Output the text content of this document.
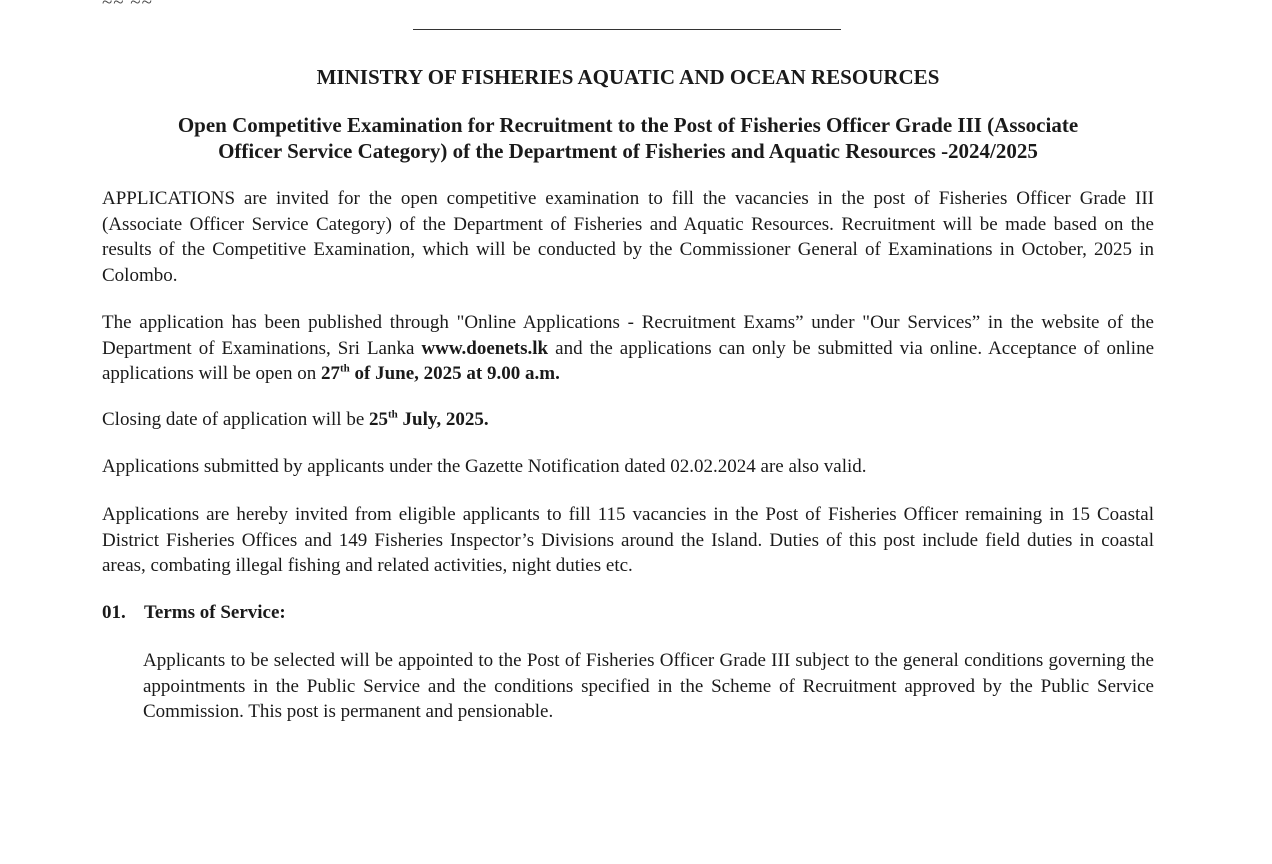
~~ ~~
MINISTRY OF FISHERIES AQUATIC AND OCEAN RESOURCES
Open Competitive Examination for Recruitment to the Post of Fisheries Officer Grade III (Associate
Officer Service Category) of the Department of Fisheries and Aquatic Resources -2024/2025
APPLICATIONS are invited for the open competitive examination to fill the vacancies in the post of Fisheries Officer Grade III (Associate Officer Service Category) of the Department of Fisheries and Aquatic Resources. Recruitment will be made based on the results of the Competitive Examination, which will be conducted by the Commissioner General of Examinations in October, 2025 in Colombo.
The application has been published through "Online Applications - Recruitment Exams” under "Our Services” in the website of the Department of Examinations, Sri Lanka www.doenets.lk and the applications can only be submitted via online. Acceptance of online applications will be open on 27th of June, 2025 at 9.00 a.m.
Closing date of application will be 25th July, 2025.
Applications submitted by applicants under the Gazette Notification dated 02.02.2024 are also valid.
Applications are hereby invited from eligible applicants to fill 115 vacancies in the Post of Fisheries Officer remaining in 15 Coastal District Fisheries Offices and 149 Fisheries Inspector’s Divisions around the Island. Duties of this post include field duties in coastal areas, combating illegal fishing and related activities, night duties etc.
01. Terms of Service:
Applicants to be selected will be appointed to the Post of Fisheries Officer Grade III subject to the general conditions governing the appointments in the Public Service and the conditions specified in the Scheme of Recruitment approved by the Public Service Commission. This post is permanent and pensionable.
